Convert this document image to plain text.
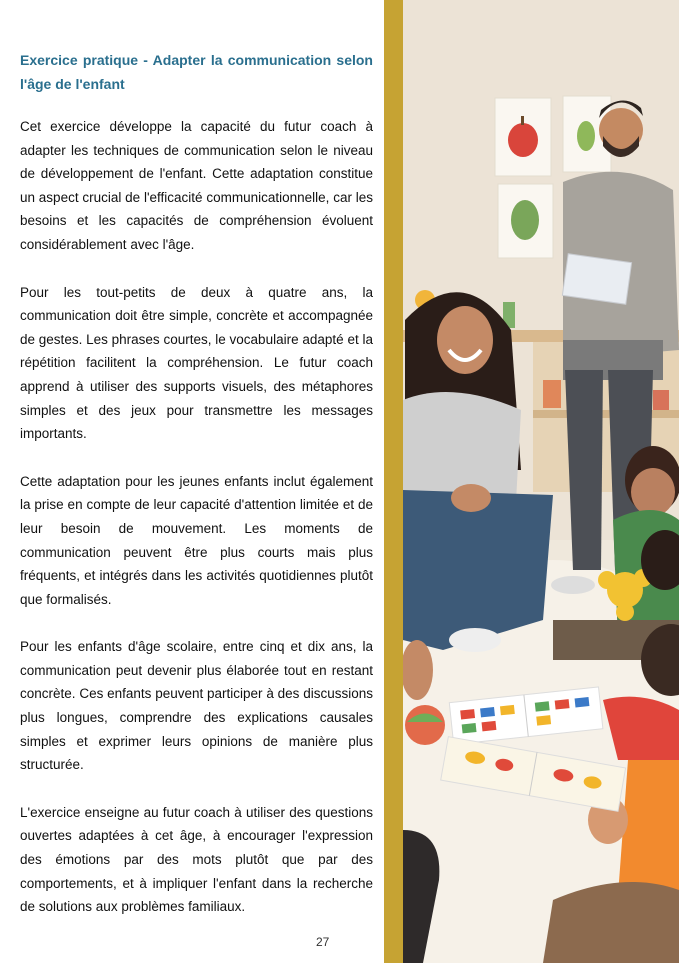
Exercice pratique - Adapter la communication selon l'âge de l'enfant

Cet exercice développe la capacité du futur coach à adapter les techniques de communication selon le niveau de développement de l'enfant. Cette adaptation constitue un aspect crucial de l'efficacité communicationnelle, car les besoins et les capacités de compréhension évoluent considérablement avec l'âge.

Pour les tout-petits de deux à quatre ans, la communication doit être simple, concrète et accompagnée de gestes. Les phrases courtes, le vocabulaire adapté et la répétition facilitent la compréhension. Le futur coach apprend à utiliser des supports visuels, des métaphores simples et des jeux pour transmettre les messages importants.

Cette adaptation pour les jeunes enfants inclut également la prise en compte de leur capacité d'attention limitée et de leur besoin de mouvement. Les moments de communication peuvent être plus courts mais plus fréquents, et intégrés dans les activités quotidiennes plutôt que formalisés.

Pour les enfants d'âge scolaire, entre cinq et dix ans, la communication peut devenir plus élaborée tout en restant concrète. Ces enfants peuvent participer à des discussions plus longues, comprendre des explications causales simples et exprimer leurs opinions de manière plus structurée.

L'exercice enseigne au futur coach à utiliser des questions ouvertes adaptées à cet âge, à encourager l'expression des émotions par des mots plutôt que par des comportements, et à impliquer l'enfant dans la recherche de solutions aux problèmes familiaux.

27
